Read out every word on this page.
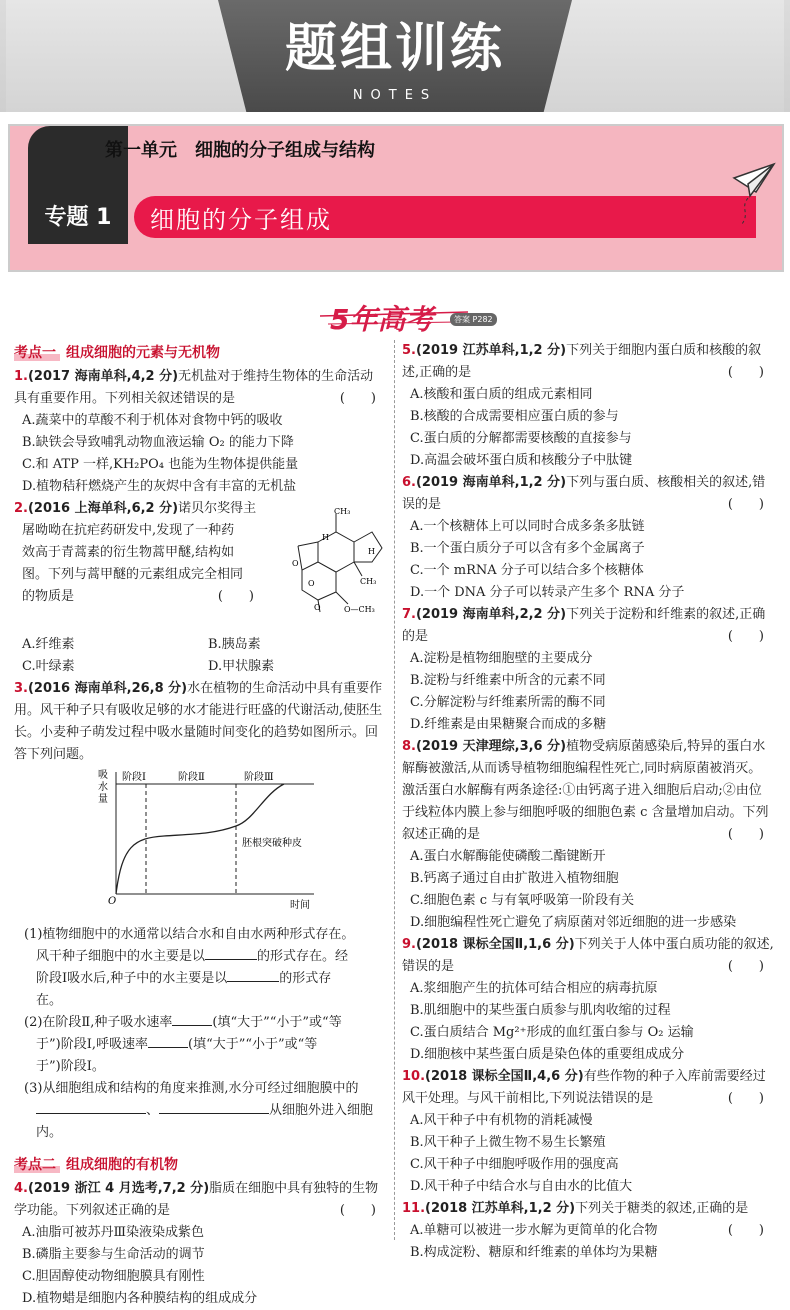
题组训练
NOTES
第一单元　细胞的分子组成与结构
专题 1	细胞的分子组成
5年高考	答案 P282
考点一 组成细胞的元素与无机物
1.(2017 海南单科,4,2 分)无机盐对于维持生物体的生命活动具有重要作用。下列相关叙述错误的是	(　　)
A.蔬菜中的草酸不利于机体对食物中钙的吸收
B.缺铁会导致哺乳动物血液运输 O₂ 的能力下降
C.和 ATP 一样,KH₂PO₄ 也能为生物体提供能量
D.植物秸秆燃烧产生的灰烬中含有丰富的无机盐
2.(2016 上海单科,6,2 分)诺贝尔奖得主
屠呦呦在抗疟药研发中,发现了一种药
效高于青蒿素的衍生物蒿甲醚,结构如
图。下列与蒿甲醚的元素组成完全相同
的物质是	(　　)
CH₃
CH₃
O—CH₃
H
H
O
O
O
A.纤维素	B.胰岛素
C.叶绿素	D.甲状腺素
3.(2016 海南单科,26,8 分)水在植物的生命活动中具有重要作用。风干种子只有吸收足够的水才能进行旺盛的代谢活动,使胚生长。小麦种子萌发过程中吸水量随时间变化的趋势如图所示。回答下列问题。
吸
水
量
阶段Ⅰ	阶段Ⅱ	阶段Ⅲ
胚根突破种皮
O	时间
(1)植物细胞中的水通常以结合水和自由水两种形式存在。
风干种子细胞中的水主要是以	的形式存在。经
阶段Ⅰ吸水后,种子中的水主要是以	的形式存
在。
(2)在阶段Ⅱ,种子吸水速率	(填“大于”“小于”或“等
于”)阶段Ⅰ,呼吸速率	(填“大于”“小于”或“等
于”)阶段Ⅰ。
(3)从细胞组成和结构的角度来推测,水分可经过细胞膜中的
、	从细胞外进入细胞内。
考点二 组成细胞的有机物
4.(2019 浙江 4 月选考,7,2 分)脂质在细胞中具有独特的生物学功能。下列叙述正确的是	(　　)
A.油脂可被苏丹Ⅲ染液染成紫色
B.磷脂主要参与生命活动的调节
C.胆固醇使动物细胞膜具有刚性
D.植物蜡是细胞内各种膜结构的组成成分
5.(2019 江苏单科,1,2 分)下列关于细胞内蛋白质和核酸的叙述,正确的是	(　　)
A.核酸和蛋白质的组成元素相同
B.核酸的合成需要相应蛋白质的参与
C.蛋白质的分解都需要核酸的直接参与
D.高温会破坏蛋白质和核酸分子中肽键
6.(2019 海南单科,1,2 分)下列与蛋白质、核酸相关的叙述,错误的是	(　　)
A.一个核糖体上可以同时合成多条多肽链
B.一个蛋白质分子可以含有多个金属离子
C.一个 mRNA 分子可以结合多个核糖体
D.一个 DNA 分子可以转录产生多个 RNA 分子
7.(2019 海南单科,2,2 分)下列关于淀粉和纤维素的叙述,正确的是	(　　)
A.淀粉是植物细胞壁的主要成分
B.淀粉与纤维素中所含的元素不同
C.分解淀粉与纤维素所需的酶不同
D.纤维素是由果糖聚合而成的多糖
8.(2019 天津理综,3,6 分)植物受病原菌感染后,特异的蛋白水解酶被激活,从而诱导植物细胞编程性死亡,同时病原菌被消灭。激活蛋白水解酶有两条途径:①由钙离子进入细胞后启动;②由位于线粒体内膜上参与细胞呼吸的细胞色素 c 含量增加启动。下列叙述正确的是	(　　)
A.蛋白水解酶能使磷酸二酯键断开
B.钙离子通过自由扩散进入植物细胞
C.细胞色素 c 与有氧呼吸第一阶段有关
D.细胞编程性死亡避免了病原菌对邻近细胞的进一步感染
9.(2018 课标全国Ⅱ,1,6 分)下列关于人体中蛋白质功能的叙述,错误的是	(　　)
A.浆细胞产生的抗体可结合相应的病毒抗原
B.肌细胞中的某些蛋白质参与肌肉收缩的过程
C.蛋白质结合 Mg²⁺形成的血红蛋白参与 O₂ 运输
D.细胞核中某些蛋白质是染色体的重要组成成分
10.(2018 课标全国Ⅱ,4,6 分)有些作物的种子入库前需要经过风干处理。与风干前相比,下列说法错误的是	(　　)
A.风干种子中有机物的消耗减慢
B.风干种子上微生物不易生长繁殖
C.风干种子中细胞呼吸作用的强度高
D.风干种子中结合水与自由水的比值大
11.(2018 江苏单科,1,2 分)下列关于糖类的叙述,正确的是
(　　)
A.单糖可以被进一步水解为更简单的化合物
B.构成淀粉、糖原和纤维素的单体均为果糖
